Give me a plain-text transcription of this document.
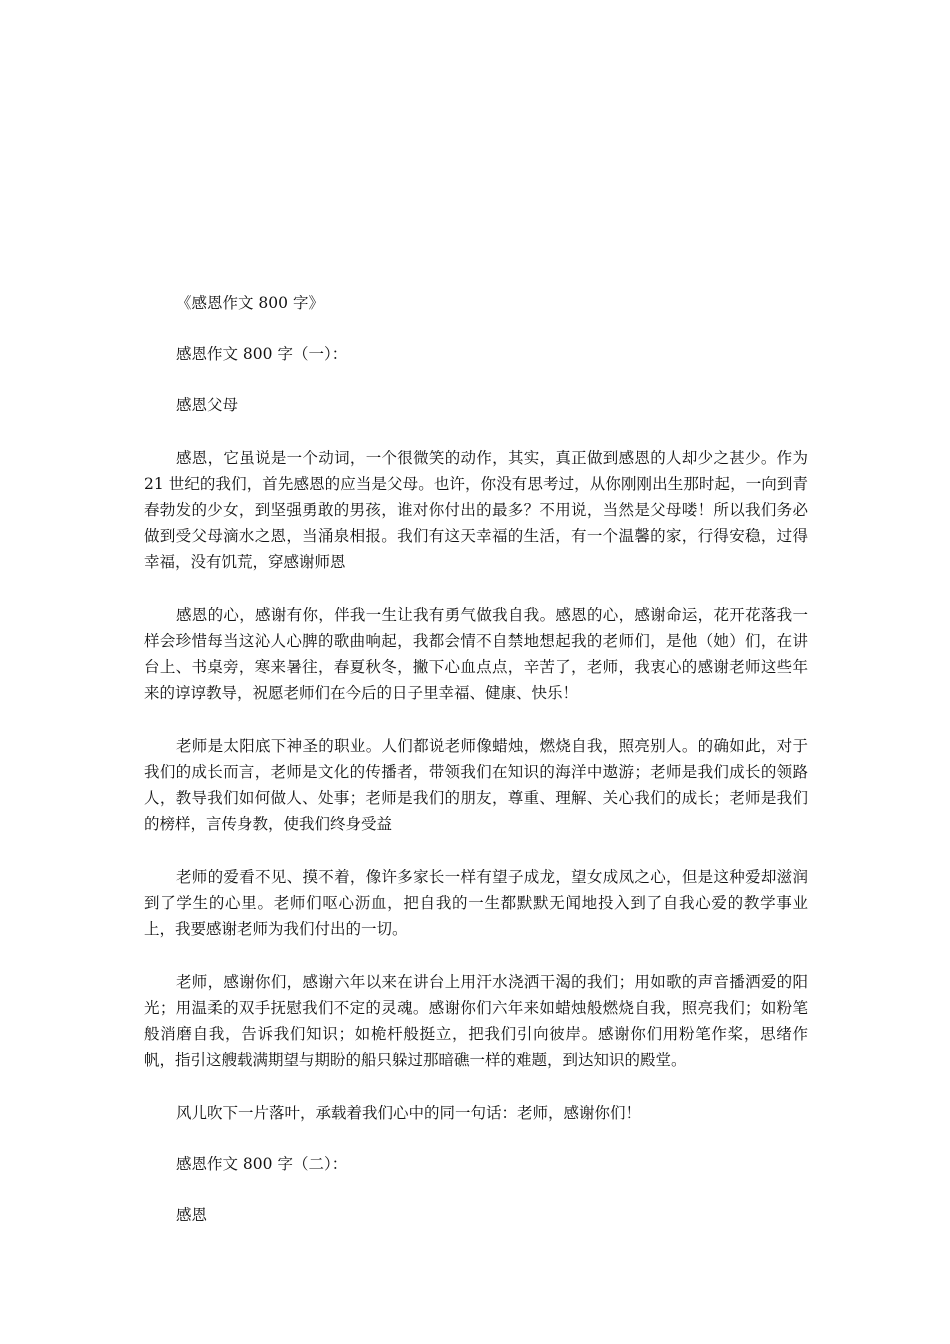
《感恩作文 800 字》

感恩作文 800 字（一）：

感恩父母

感恩，它虽说是一个动词，一个很微笑的动作，其实，真正做到感恩的人却少之甚少。作为 21 世纪的我们，首先感恩的应当是父母。也许，你没有思考过，从你刚刚出生那时起，一向到青春勃发的少女，到坚强勇敢的男孩，谁对你付出的最多？不用说，当然是父母喽！所以我们务必做到受父母滴水之恩，当涌泉相报。我们有这天幸福的生活，有一个温馨的家，行得安稳，过得幸福，没有饥荒，穿感谢师恩

感恩的心，感谢有你，伴我一生让我有勇气做我自我。感恩的心，感谢命运，花开花落我一样会珍惜每当这沁人心脾的歌曲响起，我都会情不自禁地想起我的老师们，是他（她）们，在讲台上、书桌旁，寒来暑往，春夏秋冬，撇下心血点点，辛苦了，老师，我衷心的感谢老师这些年来的谆谆教导，祝愿老师们在今后的日子里幸福、健康、快乐！

老师是太阳底下神圣的职业。人们都说老师像蜡烛，燃烧自我，照亮别人。的确如此，对于我们的成长而言，老师是文化的传播者，带领我们在知识的海洋中遨游；老师是我们成长的领路人，教导我们如何做人、处事；老师是我们的朋友，尊重、理解、关心我们的成长；老师是我们的榜样，言传身教，使我们终身受益

老师的爱看不见、摸不着，像许多家长一样有望子成龙，望女成凤之心，但是这种爱却滋润到了学生的心里。老师们呕心沥血，把自我的一生都默默无闻地投入到了自我心爱的教学事业上，我要感谢老师为我们付出的一切。

老师，感谢你们，感谢六年以来在讲台上用汗水浇洒干渴的我们；用如歌的声音播洒爱的阳光；用温柔的双手抚慰我们不定的灵魂。感谢你们六年来如蜡烛般燃烧自我，照亮我们；如粉笔般消磨自我，告诉我们知识；如桅杆般挺立，把我们引向彼岸。感谢你们用粉笔作桨，思绪作帆，指引这艘载满期望与期盼的船只躲过那暗礁一样的难题，到达知识的殿堂。

风儿吹下一片落叶，承载着我们心中的同一句话：老师，感谢你们！

感恩作文 800 字（二）：

感恩
